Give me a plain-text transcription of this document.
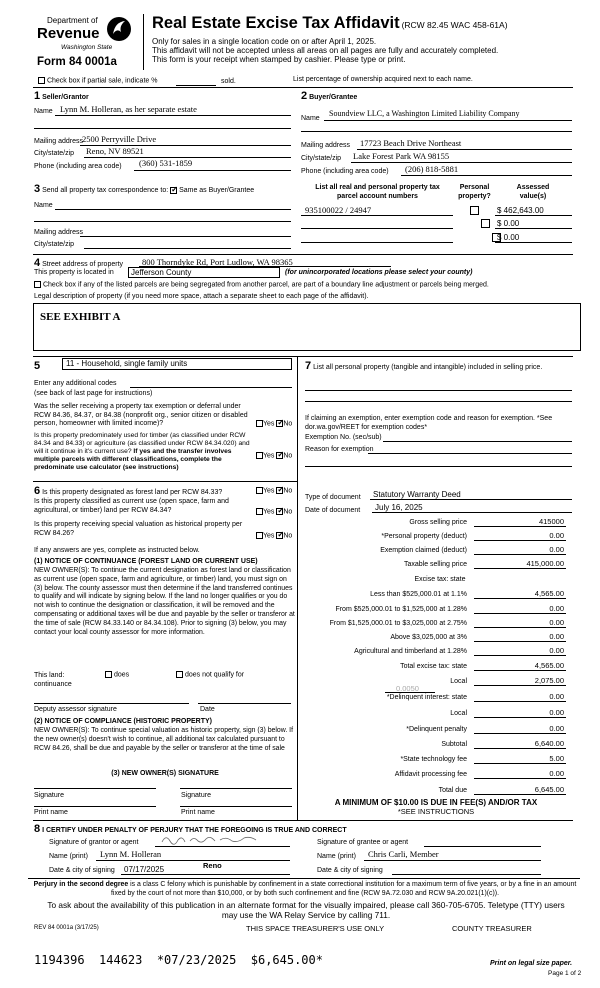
Department of
Revenue
Washington State
Form 84 0001a
Real Estate Excise Tax Affidavit (RCW 82.45 WAC 458-61A)
Only for sales in a single location code on or after April 1, 2025.
This affidavit will not be accepted unless all areas on all pages are fully and accurately completed.
This form is your receipt when stamped by cashier. Please type or print.
Check box if partial sale, indicate %	sold.	List percentage of ownership acquired next to each name.
1 Seller/Grantor
Name Lynn M. Holleran, as her separate estate
Mailing address
2500 Perryville Drive
City/state/zip Reno, NV 89521
Phone (including area code) (360) 531-1859
2 Buyer/Grantee
Name
Soundview LLC, a Washington Limited Liability Company
Mailing address 17723 Beach Drive Northeast
City/state/zip Lake Forest Park WA 98155
Phone (including area code) (206) 818-5881
3 Send all property tax correspondence to: ✓ Same as Buyer/Grantee
Name
Mailing address
City/state/zip
List all real and personal property tax parcel account numbers
Personal property?
Assessed value(s)
935100022 / 24947
	$ 462,643.00

$ 0.00
$ 0.00
4 Street address of property 800 Thorndyke Rd, Port Ludlow, WA 98365
This property is located in	Jefferson County	(for unincorporated locations please select your county)
Check box if any of the listed parcels are being segregated from another parcel, are part of a boundary line adjustment or parcels being merged.
Legal description of property (if you need more space, attach a separate sheet to each page of the affidavit).
SEE EXHIBIT A
5	11 - Household, single family units
Enter any additional codes
(see back of last page for instructions)
Was the seller receiving a property tax exemption or deferral under RCW 84.36, 84.37, or 84.38 (nonprofit org., senior citizen or disabled person, homeowner with limited income)?	Yes ✓ No
Is this property predominately used for timber (as classified under RCW 84.34 and 84.33) or agriculture (as classified under RCW 84.34.020) and will it continue in it's current use? If yes and the transfer involves multiple parcels with different classifications, complete the predominate use calculator (see instructions)
Yes ✓ No
6 Is this property designated as forest land per RCW 84.33?	Yes ✓ No
Is this property classified as current use (open space, farm and agricultural, or timber) land per RCW 84.34?	Yes ✓ No
Is this property receiving special valuation as historical property per RCW 84.26?	Yes ✓ No
If any answers are yes, complete as instructed below.
(1) NOTICE OF CONTINUANCE (FOREST LAND OR CURRENT USE)
NEW OWNER(S): To continue the current designation as forest land or classification as current use (open space, farm and agriculture, or timber) land, you must sign on (3) below. The county assessor must then determine if the land transferred continues to qualify and will indicate by signing below. If the land no longer qualifies or you do not wish to continue the designation or classification, it will be removed and the compensating or additional taxes will be due and payable by the seller or transferor at the time of sale (RCW 84.33.140 or 84.34.108). Prior to signing (3) below, you may contact your local county assessor for more information.
This land:
continuance
does	does not qualify for
Deputy assessor signature	Date
(2) NOTICE OF COMPLIANCE (HISTORIC PROPERTY)
NEW OWNER(S): To continue special valuation as historic property, sign (3) below. If the new owner(s) doesn't wish to continue, all additional tax calculated pursuant to RCW 84.26, shall be due and payable by the seller or transferor at the time of sale
(3) NEW OWNER(S) SIGNATURE
Signature	Signature
Print name	Print name
7 List all personal property (tangible and intangible) included in selling price.
If claiming an exemption, enter exemption code and reason for exemption. *See dor.wa.gov/REET for exemption codes*
Exemption No. (sec/sub)
Reason for exemption
Type of document Statutory Warranty Deed
Date of document July 16, 2025
Gross selling price	415000
*Personal property (deduct)	0.00
Exemption claimed (deduct)	0.00
Taxable selling price	415,000.00
Excise tax: state
Less than $525,000.01 at 1.1%	4,565.00
From $525,000.01 to $1,525,000 at 1.28%	0.00
From $1,525,000.01 to $3,025,000 at 2.75%	0.00
Above $3,025,000 at 3%	0.00
Agricultural and timberland at 1.28%	0.00
Total excise tax: state	4,565.00
Local	2,075.00
*Delinquent interest: state	0.00
Local	0.00
*Delinquent penalty	0.00
Subtotal	6,640.00
*State technology fee	5.00
Affidavit processing fee	0.00
Total due	6,645.00
0.0050
A MINIMUM OF $10.00 IS DUE IN FEE(S) AND/OR TAX
*SEE INSTRUCTIONS
8 I CERTIFY UNDER PENALTY OF PERJURY THAT THE FOREGOING IS TRUE AND CORRECT
Signature of grantor or agent	Signature of grantee or agent
Name (print) Lynn M. Holleran	Name (print) Chris Carli, Member
Date & city of signing 07/17/2025	Reno
Date & city of signing
Perjury in the second degree is a class C felony which is punishable by confinement in a state correctional institution for a maximum term of five years, or by a fine in an amount fixed by the court of not more than $10,000, or by both such confinement and fine (RCW 9A.72.030 and RCW 9A.20.021(1)(c)).
To ask about the availability of this publication in an alternate format for the visually impaired, please call 360-705-6705. Teletype (TTY) users may use the WA Relay Service by calling 711.
REV 84 0001a (3/17/25)	THIS SPACE TREASURER'S USE ONLY	COUNTY TREASURER
1194396  144623  *07/23/2025  $6,645.00*	Print on legal size paper.
Page 1 of 2
